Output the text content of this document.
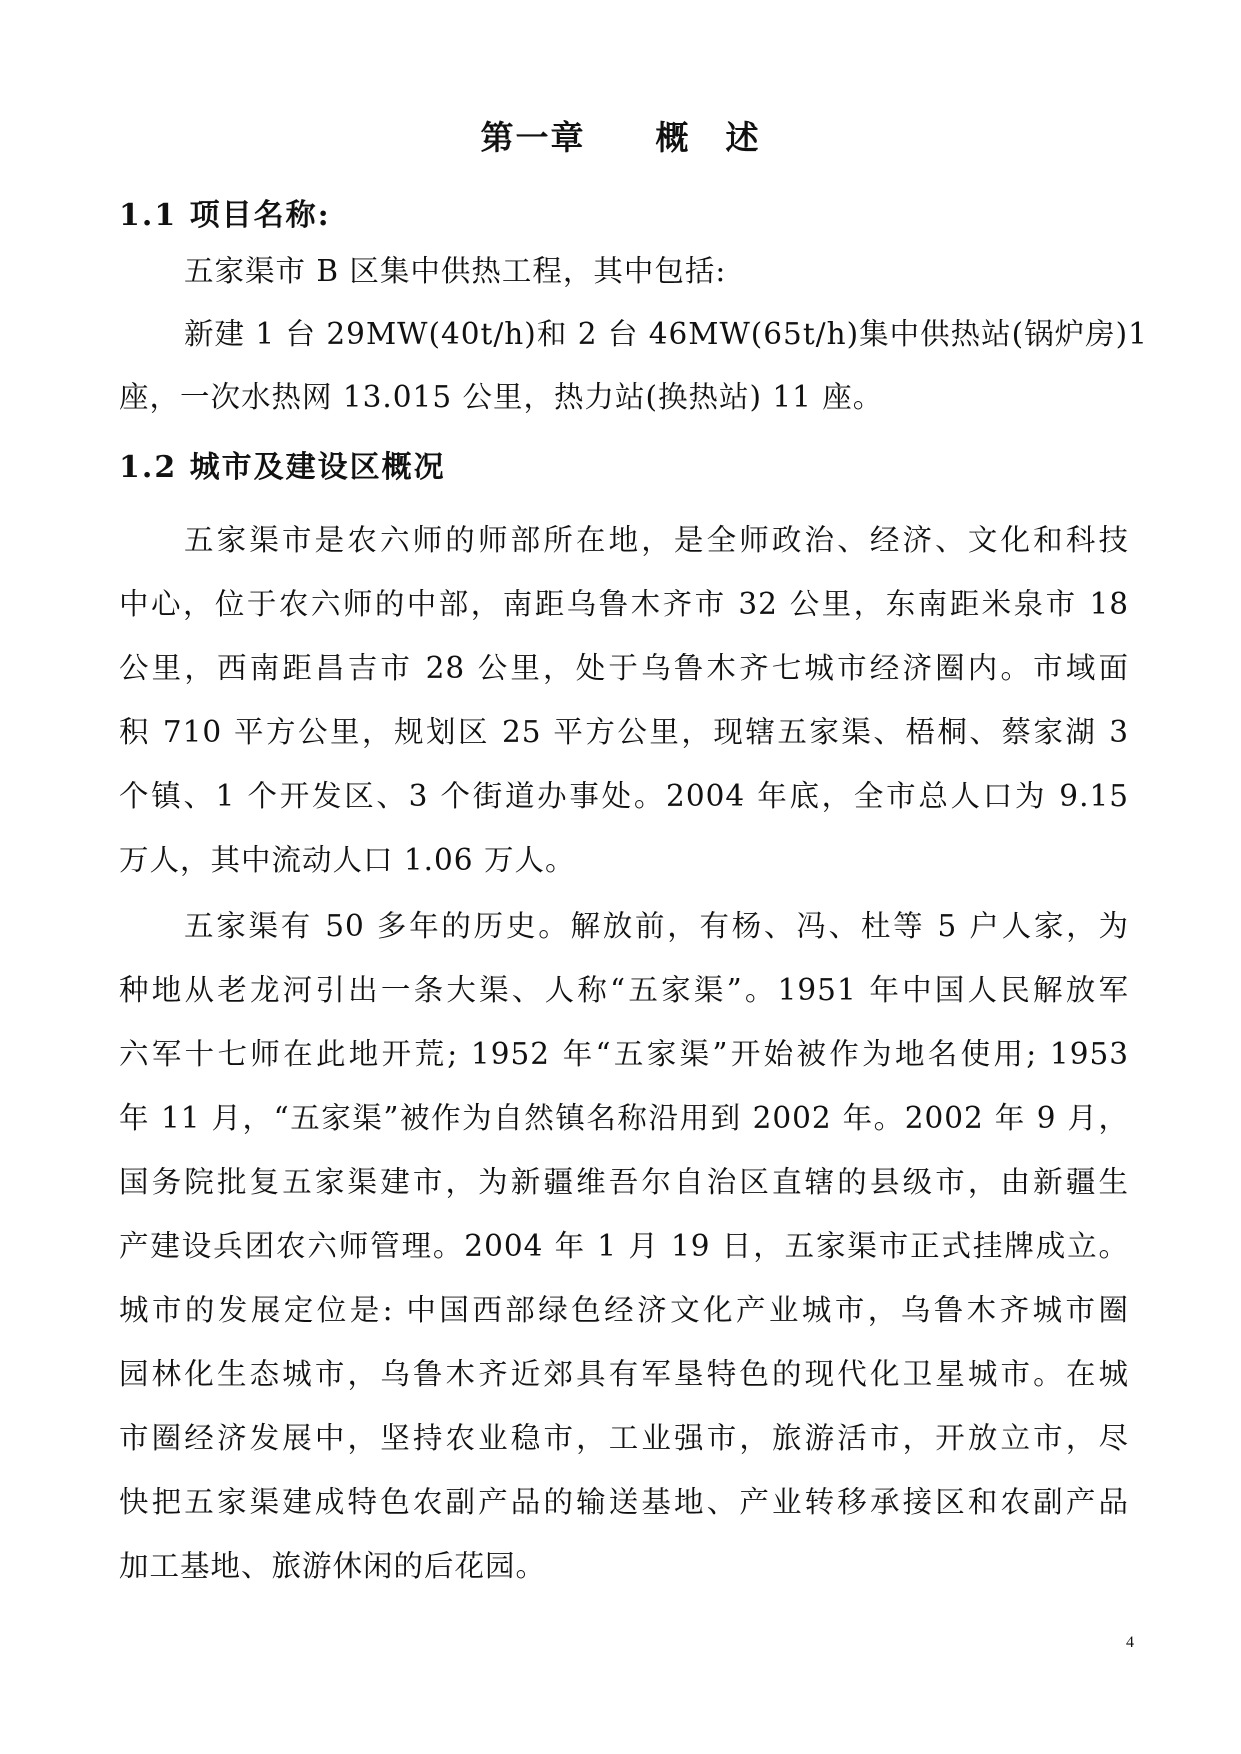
第一章　　概　述
1.1 项目名称:
五家渠市 B 区集中供热工程，其中包括:
新建 1 台 29MW(40t/h)和 2 台 46MW(65t/h)集中供热站(锅炉房)1
座，一次水热网 13.015 公里，热力站(换热站) 11 座。
1.2 城市及建设区概况
五家渠市是农六师的师部所在地，是全师政治、经济、文化和科技
中心，位于农六师的中部，南距乌鲁木齐市 32 公里，东南距米泉市 18
公里，西南距昌吉市 28 公里，处于乌鲁木齐七城市经济圈内。市域面
积 710 平方公里，规划区 25 平方公里，现辖五家渠、梧桐、蔡家湖 3
个镇、1 个开发区、3 个街道办事处。2004 年底，全市总人口为 9.15
万人，其中流动人口 1.06 万人。
五家渠有 50 多年的历史。解放前，有杨、冯、杜等 5 户人家，为
种地从老龙河引出一条大渠、人称“五家渠”。1951 年中国人民解放军
六军十七师在此地开荒; 1952 年“五家渠”开始被作为地名使用; 1953
年 11 月，“五家渠”被作为自然镇名称沿用到 2002 年。2002 年 9 月，
国务院批复五家渠建市，为新疆维吾尔自治区直辖的县级市，由新疆生
产建设兵团农六师管理。2004 年 1 月 19 日，五家渠市正式挂牌成立。
城市的发展定位是: 中国西部绿色经济文化产业城市，乌鲁木齐城市圈
园林化生态城市，乌鲁木齐近郊具有军垦特色的现代化卫星城市。在城
市圈经济发展中，坚持农业稳市，工业强市，旅游活市，开放立市，尽
快把五家渠建成特色农副产品的输送基地、产业转移承接区和农副产品
加工基地、旅游休闲的后花园。
4
